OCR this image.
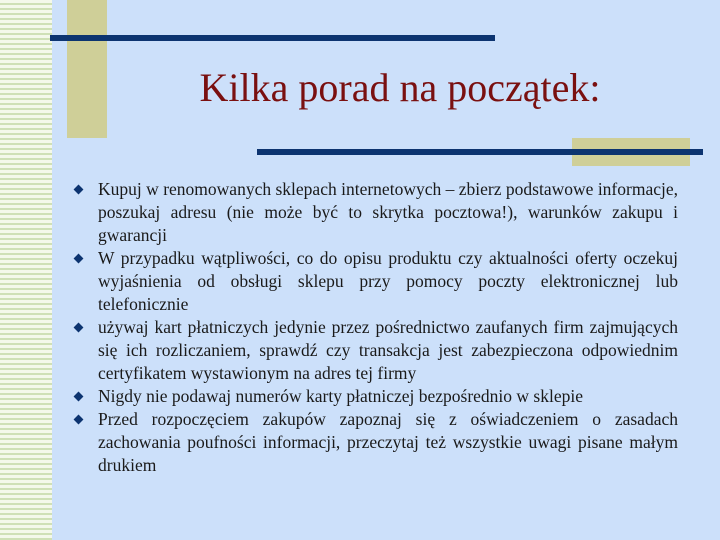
Kilka porad na początek:
Kupuj w renomowanych sklepach internetowych – zbierz podstawowe informacje, poszukaj adresu (nie może być to skrytka pocztowa!), warunków zakupu i gwarancji
W przypadku wątpliwości, co do opisu produktu czy aktualności oferty oczekuj wyjaśnienia od obsługi sklepu przy pomocy poczty elektronicznej lub telefonicznie
używaj kart płatniczych jedynie przez pośrednictwo zaufanych firm zajmujących się ich rozliczaniem, sprawdź czy transakcja jest zabezpieczona odpowiednim certyfikatem wystawionym na adres tej firmy
Nigdy nie podawaj numerów karty płatniczej bezpośrednio w sklepie
Przed rozpoczęciem zakupów zapoznaj się z oświadczeniem o zasadach zachowania poufności informacji, przeczytaj też wszystkie uwagi pisane małym drukiem
